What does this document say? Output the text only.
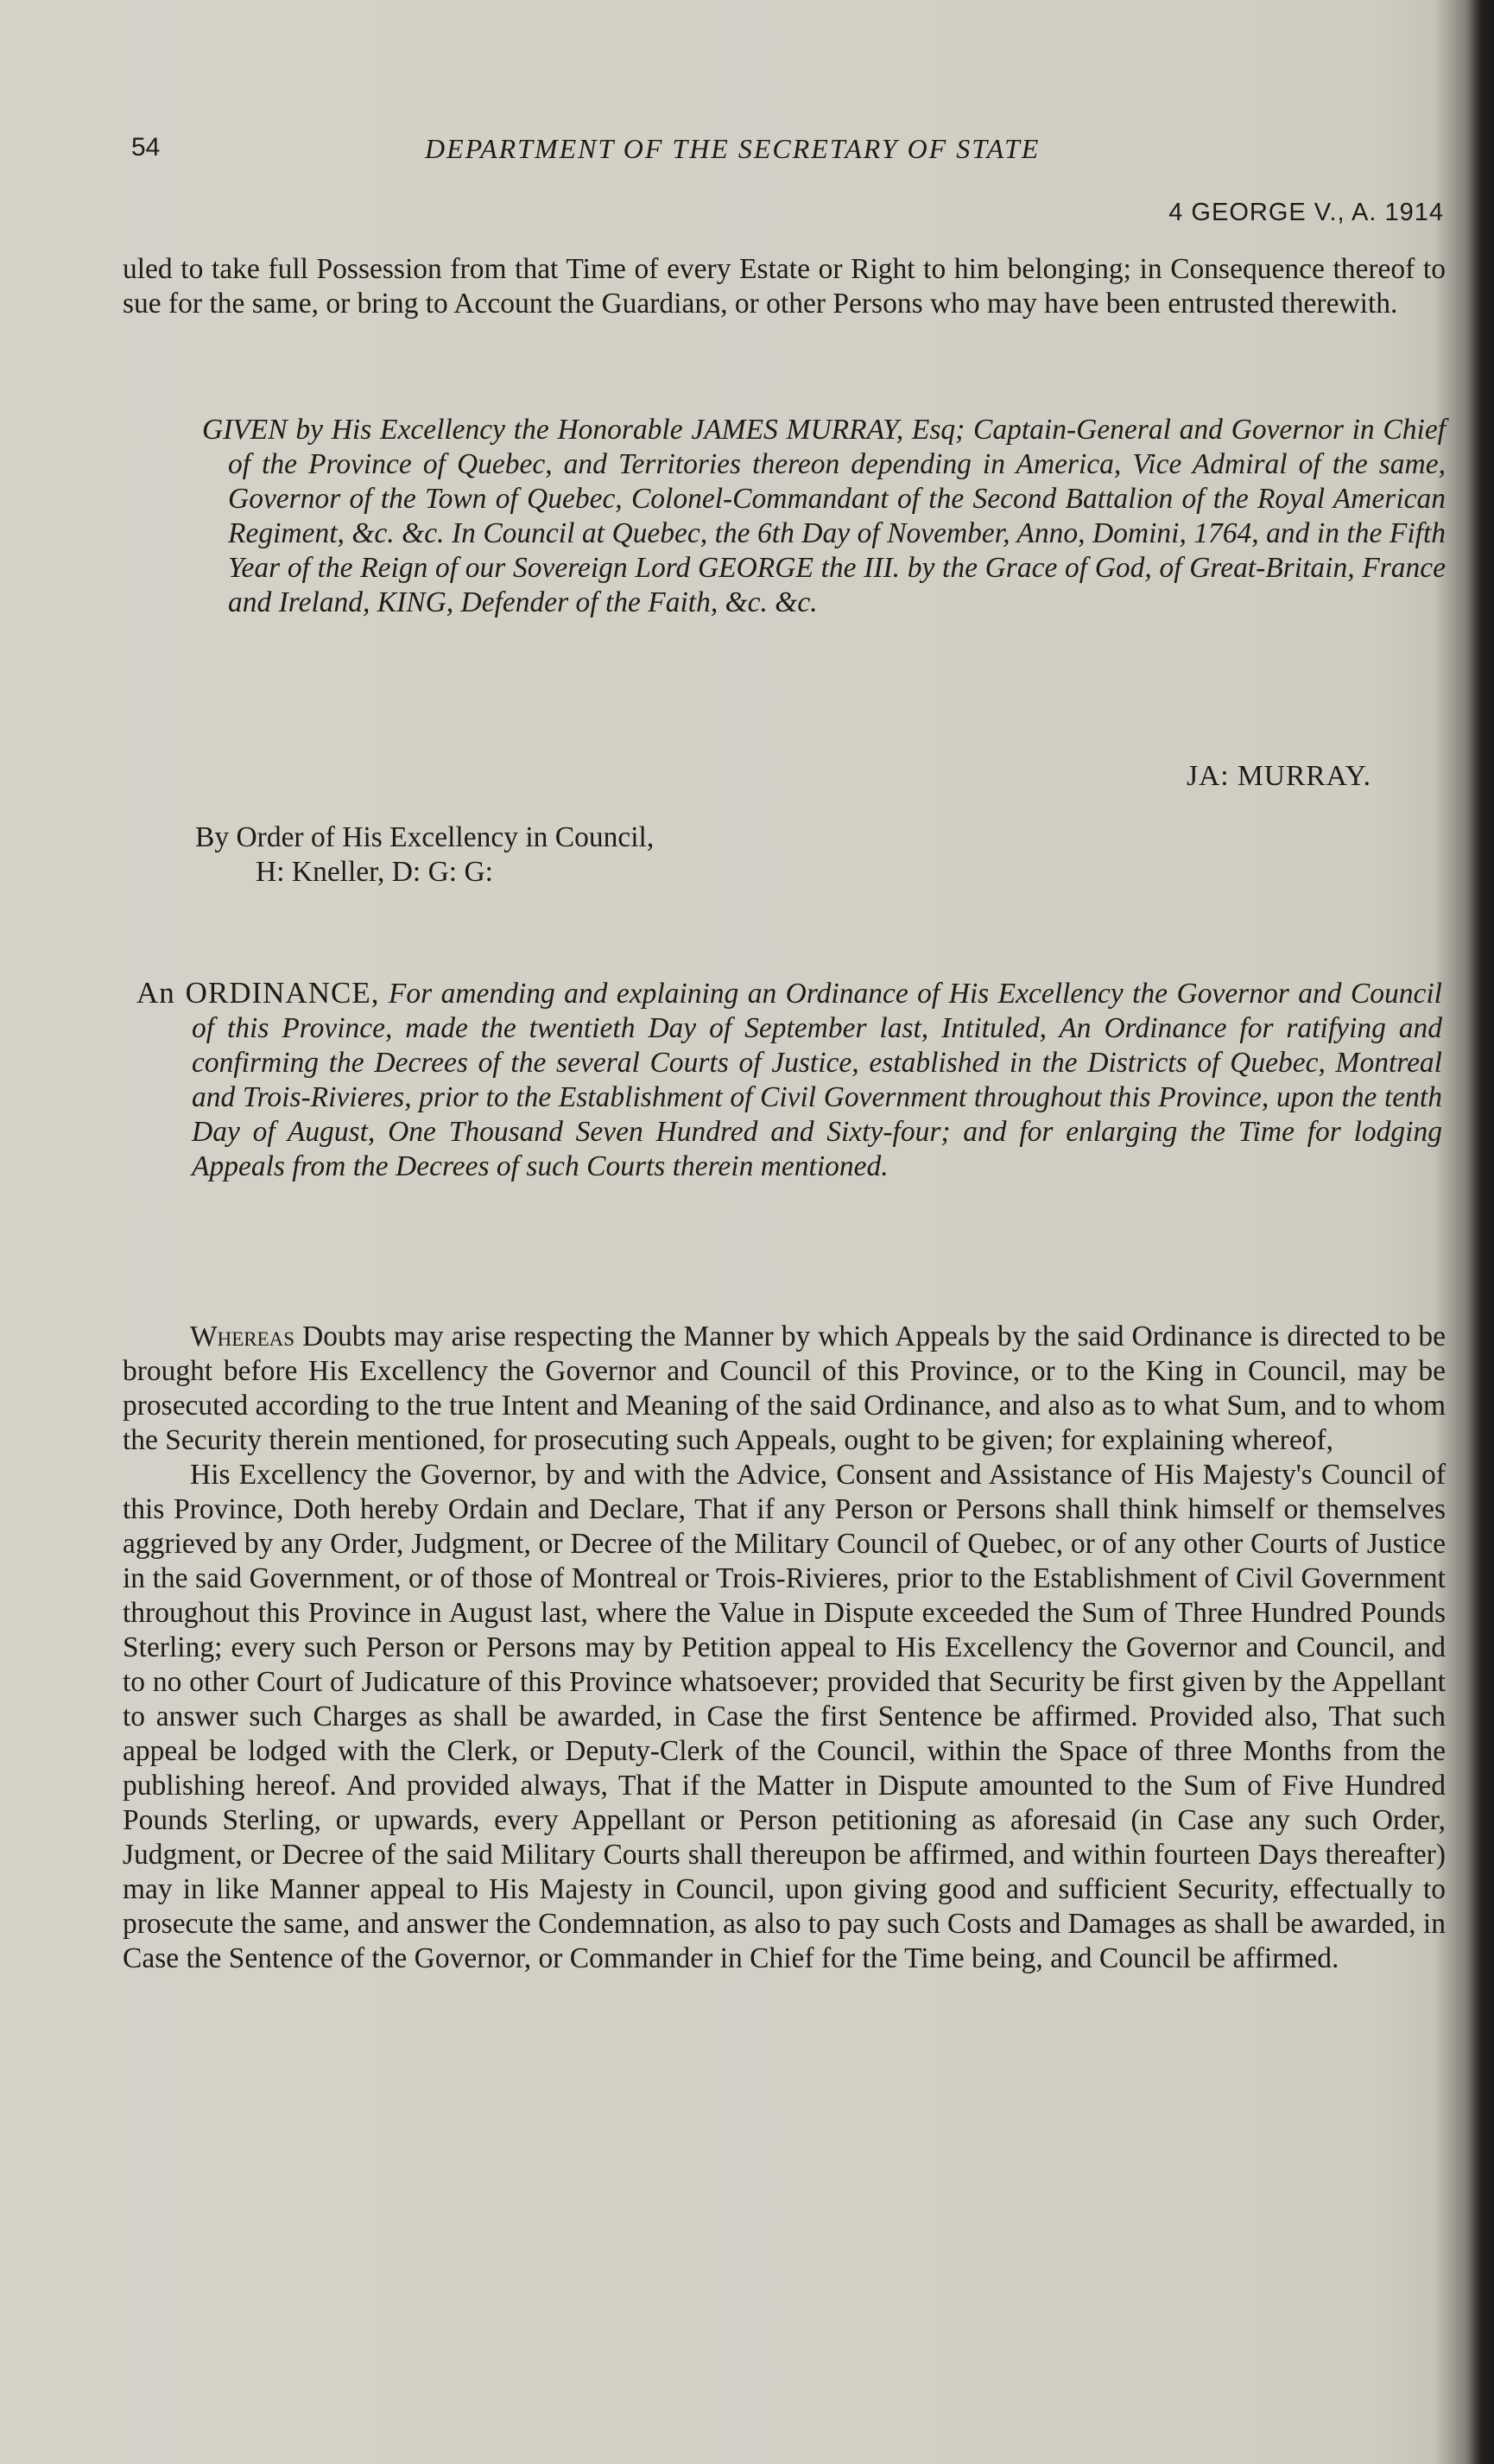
54	DEPARTMENT OF THE SECRETARY OF STATE
4 GEORGE V., A. 1914

uled to take full Possession from that Time of every Estate or Right to him belonging; in Consequence thereof to sue for the same, or bring to Account the Guardians, or other Persons who may have been entrusted therewith.

GIVEN by His Excellency the Honorable JAMES MURRAY, Esq; Captain-General and Governor in Chief of the Province of Quebec, and Territories thereon depending in America, Vice Admiral of the same, Governor of the Town of Quebec, Colonel-Commandant of the Second Battalion of the Royal American Regiment, &c. &c. In Council at Quebec, the 6th Day of November, Anno, Domini, 1764, and in the Fifth Year of the Reign of our Sovereign Lord GEORGE the III. by the Grace of God, of Great-Britain, France and Ireland, KING, Defender of the Faith, &c. &c.
JA: MURRAY.
By Order of His Excellency in Council,
H: Kneller, D: G: G:

An ORDINANCE, For amending and explaining an Ordinance of His Excellency the Governor and Council of this Province, made the twentieth Day of September last, Intituled, An Ordinance for ratifying and confirming the Decrees of the several Courts of Justice, established in the Districts of Quebec, Montreal and Trois-Rivieres, prior to the Establishment of Civil Government throughout this Province, upon the tenth Day of August, One Thousand Seven Hundred and Sixty-four; and for enlarging the Time for lodging Appeals from the Decrees of such Courts therein mentioned.

Whereas Doubts may arise respecting the Manner by which Appeals by the said Ordinance is directed to be brought before His Excellency the Governor and Council of this Province, or to the King in Council, may be prosecuted according to the true Intent and Meaning of the said Ordinance, and also as to what Sum, and to whom the Security therein mentioned, for prosecuting such Appeals, ought to be given; for explaining whereof,

His Excellency the Governor, by and with the Advice, Consent and Assistance of His Majesty's Council of this Province, Doth hereby Ordain and Declare, That if any Person or Persons shall think himself or themselves aggrieved by any Order, Judgment, or Decree of the Military Council of Quebec, or of any other Courts of Justice in the said Government, or of those of Montreal or Trois-Rivieres, prior to the Establishment of Civil Government throughout this Province in August last, where the Value in Dispute exceeded the Sum of Three Hundred Pounds Sterling; every such Person or Persons may by Petition appeal to His Excellency the Governor and Council, and to no other Court of Judicature of this Province whatsoever; provided that Security be first given by the Appellant to answer such Charges as shall be awarded, in Case the first Sentence be affirmed. Provided also, That such appeal be lodged with the Clerk, or Deputy-Clerk of the Council, within the Space of three Months from the publishing hereof. And provided always, That if the Matter in Dispute amounted to the Sum of Five Hundred Pounds Sterling, or upwards, every Appellant or Person petitioning as aforesaid (in Case any such Order, Judgment, or Decree of the said Military Courts shall thereupon be affirmed, and within fourteen Days thereafter) may in like Manner appeal to His Majesty in Council, upon giving good and sufficient Security, effectually to prosecute the same, and answer the Condemnation, as also to pay such Costs and Damages as shall be awarded, in Case the Sentence of the Governor, or Commander in Chief for the Time being, and Council be affirmed.
